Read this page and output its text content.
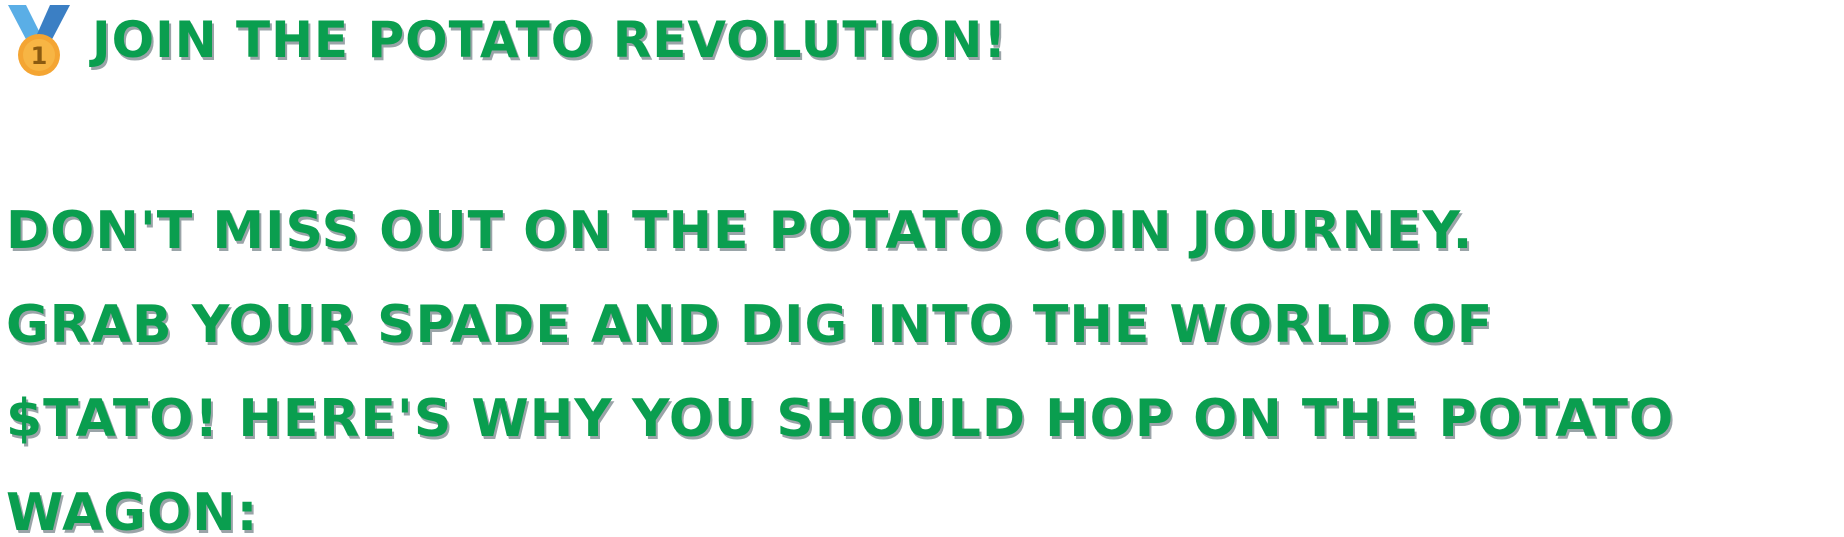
1 JOIN THE POTATO REVOLUTION!
DON'T MISS OUT ON THE POTATO COIN JOURNEY.
GRAB YOUR SPADE AND DIG INTO THE WORLD OF
$TATO! HERE'S WHY YOU SHOULD HOP ON THE POTATO
WAGON:
